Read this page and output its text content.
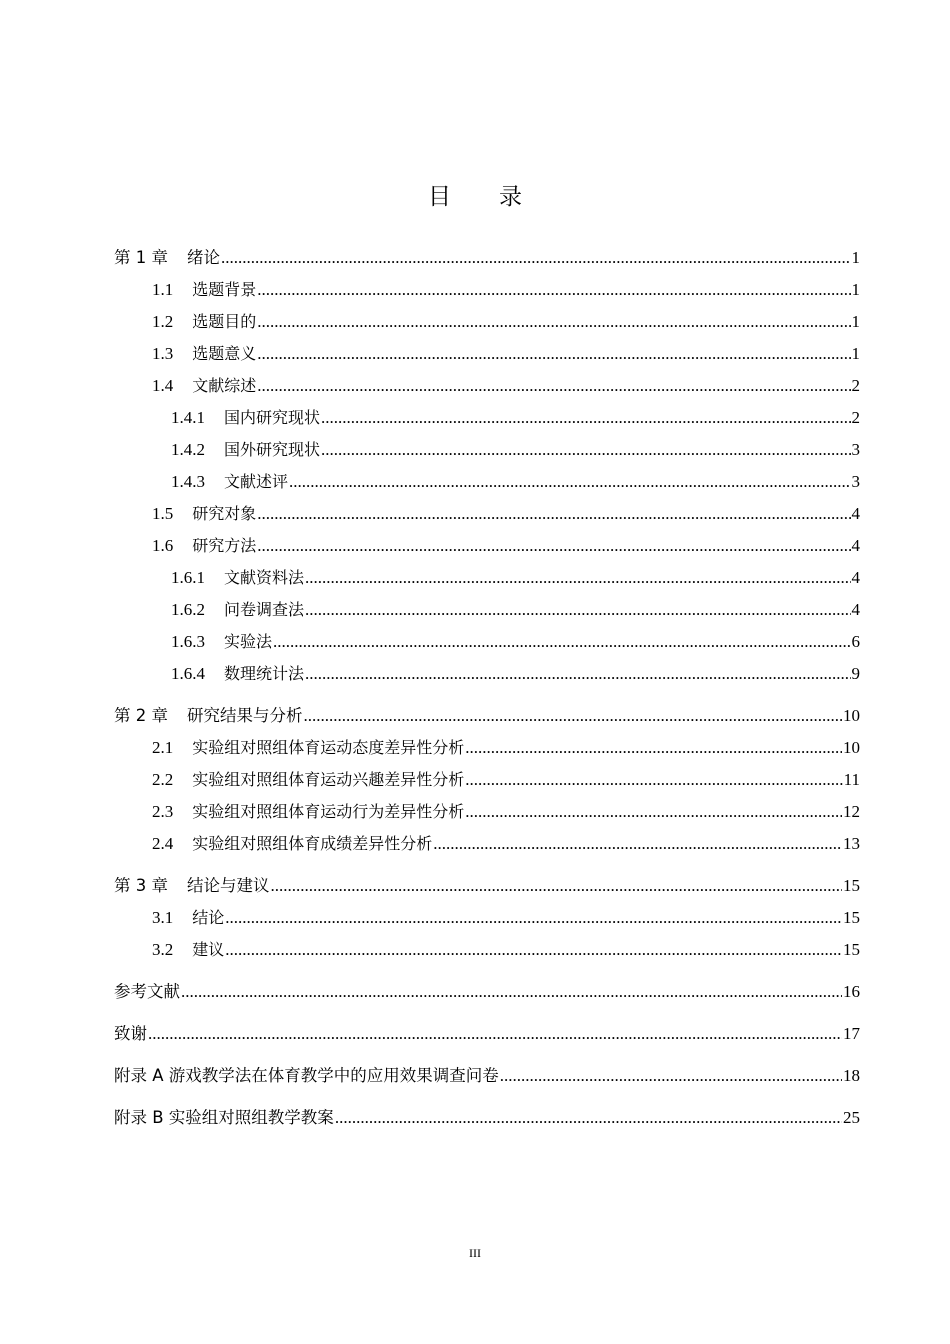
目录
第 1 章 绪论 .....	1
1.1 选题背景 .....	1
1.2 选题目的 .....	1
1.3 选题意义 .....	1
1.4 文献综述 .....	2
1.4.1 国内研究现状 .....	2
1.4.2 国外研究现状 .....	3
1.4.3 文献述评 .....	3
1.5 研究对象 .....	4
1.6 研究方法 .....	4
1.6.1 文献资料法 .....	4
1.6.2 问卷调查法 .....	4
1.6.3 实验法 .....	6
1.6.4 数理统计法 .....	9
第 2 章 研究结果与分析 .....	10
2.1 实验组对照组体育运动态度差异性分析 .....	10
2.2 实验组对照组体育运动兴趣差异性分析 .....	11
2.3 实验组对照组体育运动行为差异性分析 .....	12
2.4 实验组对照组体育成绩差异性分析 .....	13
第 3 章 结论与建议 .....	15
3.1 结论 .....	15
3.2 建议 .....	15
参考文献 .....	16
致谢 .....	17
附录 A 游戏教学法在体育教学中的应用效果调查问卷 .....	18
附录 B 实验组对照组教学教案 .....	25
III
